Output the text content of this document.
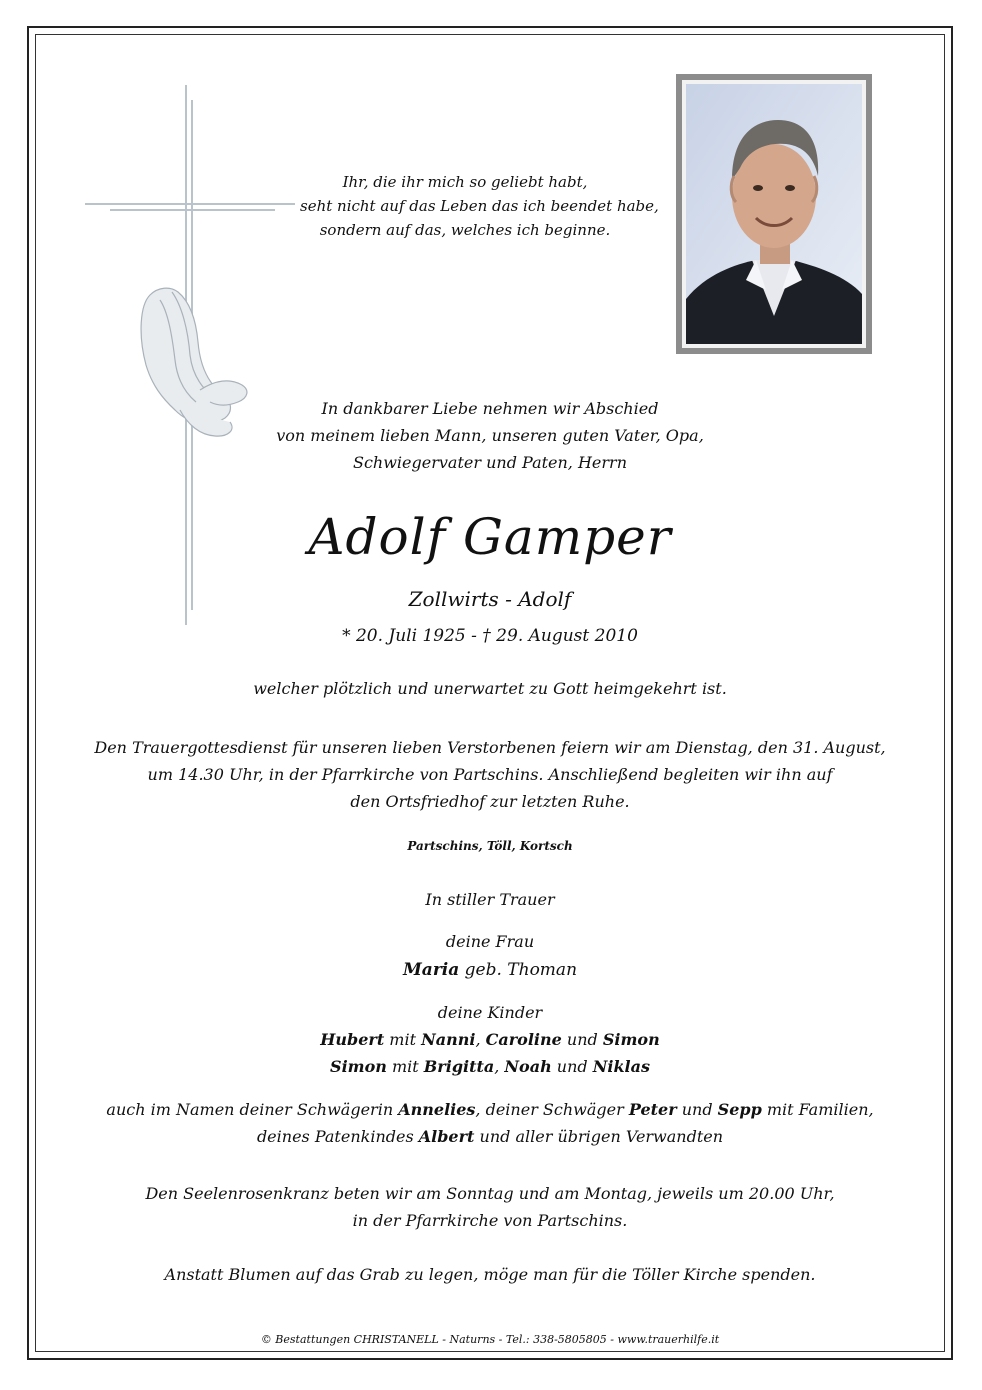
Ihr, die ihr mich so geliebt habt,
seht nicht auf das Leben das ich beendet habe,
sondern auf das, welches ich beginne.
In dankbarer Liebe nehmen wir Abschied
von meinem lieben Mann, unseren guten Vater, Opa,
Schwiegervater und Paten, Herrn
Adolf Gamper
Zollwirts - Adolf
* 20. Juli 1925 - † 29. August 2010
welcher plötzlich und unerwartet zu Gott heimgekehrt ist.
Den Trauergottesdienst für unseren lieben Verstorbenen feiern wir am Dienstag, den 31. August,
um 14.30 Uhr, in der Pfarrkirche von Partschins. Anschließend begleiten wir ihn auf
den Ortsfriedhof zur letzten Ruhe.
Partschins, Töll, Kortsch
In stiller Trauer
deine Frau
Maria geb. Thoman
deine Kinder
Hubert mit Nanni, Caroline und Simon
Simon mit Brigitta, Noah und Niklas
auch im Namen deiner Schwägerin Annelies, deiner Schwäger Peter und Sepp mit Familien,
deines Patenkindes Albert und aller übrigen Verwandten
Den Seelenrosenkranz beten wir am Sonntag und am Montag, jeweils um 20.00 Uhr,
in der Pfarrkirche von Partschins.
Anstatt Blumen auf das Grab zu legen, möge man für die Töller Kirche spenden.
© Bestattungen CHRISTANELL - Naturns - Tel.: 338-5805805 - www.trauerhilfe.it
